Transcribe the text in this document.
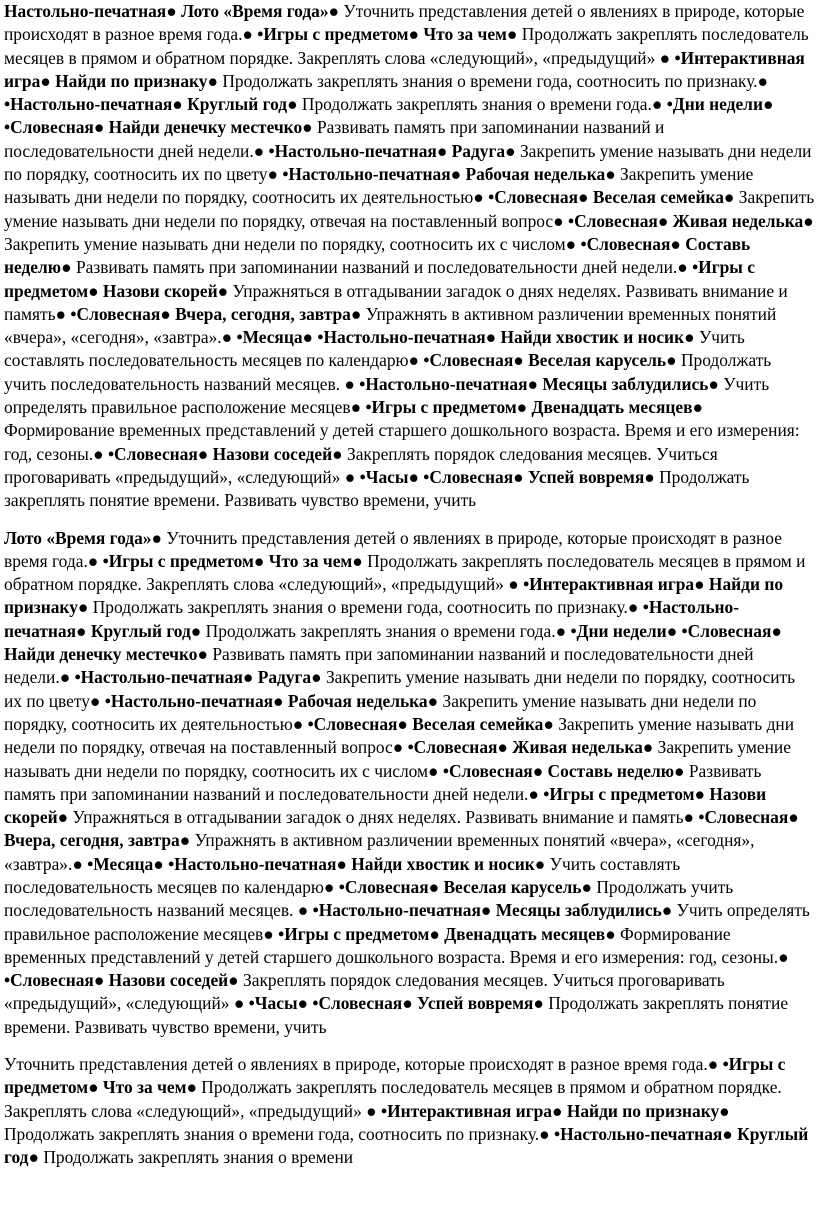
Настольно-печатная● Лото «Время года»● Уточнить представления детей о явлениях в природе, которые происходят в разное время года.● •Игры с предметом● Что за чем● Продолжать закреплять последователь месяцев в прямом и обратном порядке. Закреплять слова «следующий», «предыдущий» ● •Интерактивная игра● Найди по признаку● Продолжать закреплять знания о времени года, соотносить по признаку.● •Настольно-печатная● Круглый год● Продолжать закреплять знания о времени года.● •Дни недели● •Словесная● Найди денечку местечко● Развивать память при запоминании названий и последовательности дней недели.● •Настольно-печатная● Радуга● Закрепить умение называть дни недели по порядку, соотносить их по цвету● •Настольно-печатная● Рабочая неделька● Закрепить умение называть дни недели по порядку, соотносить их деятельностью● •Словесная● Веселая семейка● Закрепить умение называть дни недели по порядку, отвечая на поставленный вопрос● •Словесная● Живая неделька● Закрепить умение называть дни недели по порядку, соотносить их с числом● •Словесная● Составь неделю● Развивать память при запоминании названий и последовательности дней недели.● •Игры с предметом● Назови скорей● Упражняться в отгадывании загадок о днях неделях. Развивать внимание и память● •Словесная● Вчера, сегодня, завтра● Упражнять в активном различении временных понятий «вчера», «сегодня», «завтра».● •Месяца● •Настольно-печатная● Найди хвостик и носик● Учить составлять последовательность месяцев по календарю● •Словесная● Веселая карусель● Продолжать учить последовательность названий месяцев. ● •Настольно-печатная● Месяцы заблудились● Учить определять правильное расположение месяцев● •Игры с предметом● Двенадцать месяцев● Формирование временных представлений у детей старшего дошкольного возраста. Время и его измерения: год, сезоны.● •Словесная● Назови соседей● Закреплять порядок следования месяцев. Учиться проговаривать «предыдущий», «следующий» ● •Часы● •Словесная● Успей вовремя● Продолжать закреплять понятие времени. Развивать чувство времени, учить

Лото «Время года»● Уточнить представления детей о явлениях в природе, которые происходят в разное время года.● •Игры с предметом● Что за чем● Продолжать закреплять последователь месяцев в прямом и обратном порядке. Закреплять слова «следующий», «предыдущий» ● •Интерактивная игра● Найди по признаку● Продолжать закреплять знания о времени года, соотносить по признаку.● •Настольно-печатная● Круглый год● Продолжать закреплять знания о времени года.● •Дни недели● •Словесная● Найди денечку местечко● Развивать память при запоминании названий и последовательности дней недели.● •Настольно-печатная● Радуга● Закрепить умение называть дни недели по порядку, соотносить их по цвету● •Настольно-печатная● Рабочая неделька● Закрепить умение называть дни недели по порядку, соотносить их деятельностью● •Словесная● Веселая семейка● Закрепить умение называть дни недели по порядку, отвечая на поставленный вопрос● •Словесная● Живая неделька● Закрепить умение называть дни недели по порядку, соотносить их с числом● •Словесная● Составь неделю● Развивать память при запоминании названий и последовательности дней недели.● •Игры с предметом● Назови скорей● Упражняться в отгадывании загадок о днях неделях. Развивать внимание и память● •Словесная● Вчера, сегодня, завтра● Упражнять в активном различении временных понятий «вчера», «сегодня», «завтра».● •Месяца● •Настольно-печатная● Найди хвостик и носик● Учить составлять последовательность месяцев по календарю● •Словесная● Веселая карусель● Продолжать учить последовательность названий месяцев. ● •Настольно-печатная● Месяцы заблудились● Учить определять правильное расположение месяцев● •Игры с предметом● Двенадцать месяцев● Формирование временных представлений у детей старшего дошкольного возраста. Время и его измерения: год, сезоны.● •Словесная● Назови соседей● Закреплять порядок следования месяцев. Учиться проговаривать «предыдущий», «следующий» ● •Часы● •Словесная● Успей вовремя● Продолжать закреплять понятие времени. Развивать чувство времени, учить

Уточнить представления детей о явлениях в природе, которые происходят в разное время года.● •Игры с предметом● Что за чем● Продолжать закреплять последователь месяцев в прямом и обратном порядке. Закреплять слова «следующий», «предыдущий» ● •Интерактивная игра● Найди по признаку● Продолжать закреплять знания о времени года, соотносить по признаку.● •Настольно-печатная● Круглый год● Продолжать закреплять знания о времени
